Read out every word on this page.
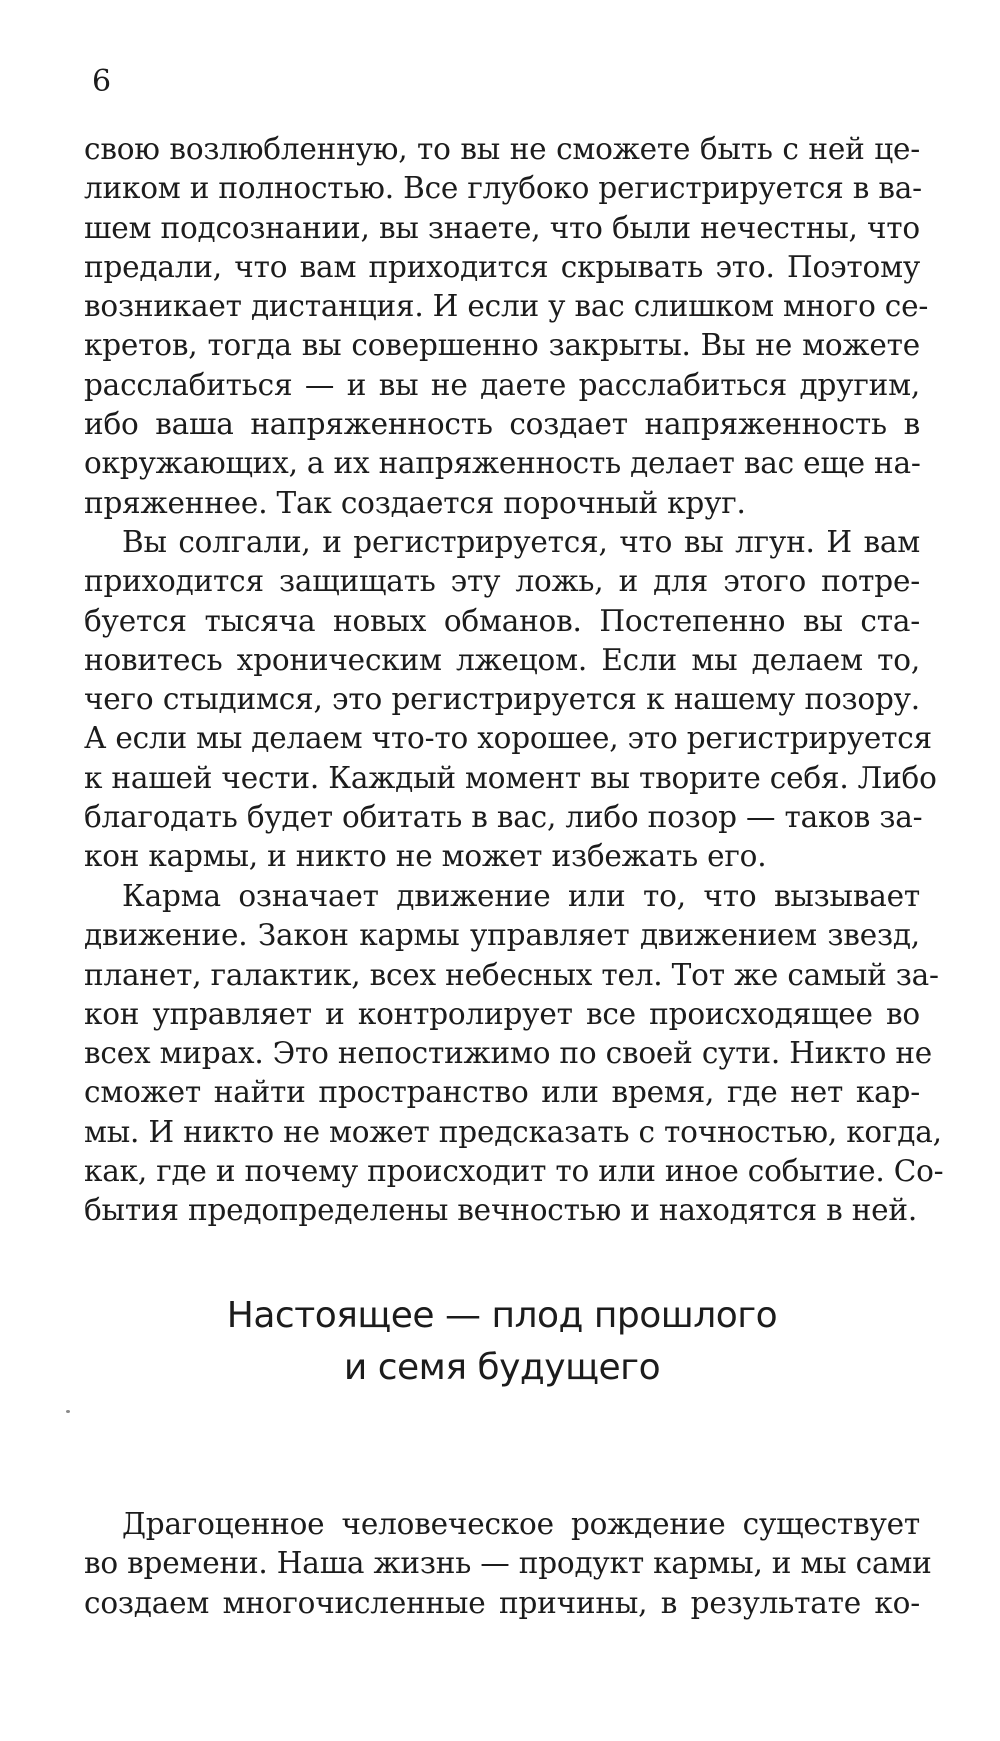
6
свою возлюбленную, то вы не сможете быть с ней це-
ликом и полностью. Все глубоко регистрируется в ва-
шем подсознании, вы знаете, что были нечестны, что
предали, что вам приходится скрывать это. Поэтому
возникает дистанция. И если у вас слишком много се-
кретов, тогда вы совершенно закрыты. Вы не можете
расслабиться — и вы не даете расслабиться другим,
ибо ваша напряженность создает напряженность в
окружающих, а их напряженность делает вас еще на-
пряженнее. Так создается порочный круг.
Вы солгали, и регистрируется, что вы лгун. И вам
приходится защищать эту ложь, и для этого потре-
буется тысяча новых обманов. Постепенно вы ста-
новитесь хроническим лжецом. Если мы делаем то,
чего стыдимся, это регистрируется к нашему позору.
А если мы делаем что-то хорошее, это регистрируется
к нашей чести. Каждый момент вы творите себя. Либо
благодать будет обитать в вас, либо позор — таков за-
кон кармы, и никто не может избежать его.
Карма означает движение или то, что вызывает
движение. Закон кармы управляет движением звезд,
планет, галактик, всех небесных тел. Тот же самый за-
кон управляет и контролирует все происходящее во
всех мирах. Это непостижимо по своей сути. Никто не
сможет найти пространство или время, где нет кар-
мы. И никто не может предсказать с точностью, когда,
как, где и почему происходит то или иное событие. Со-
бытия предопределены вечностью и находятся в ней.
Настоящее — плод прошлого
и семя будущего
Драгоценное человеческое рождение существует
во времени. Наша жизнь — продукт кармы, и мы сами
создаем многочисленные причины, в результате ко-
